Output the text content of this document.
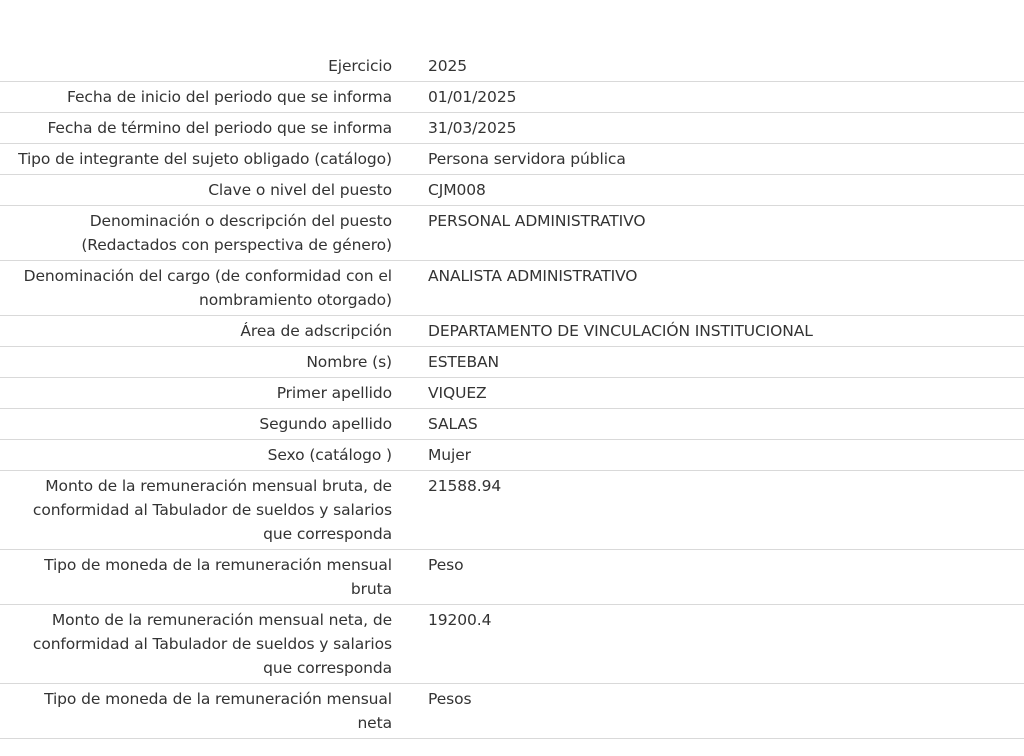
Ejercicio	2025
Fecha de inicio del periodo que se informa	01/01/2025
Fecha de término del periodo que se informa	31/03/2025
Tipo de integrante del sujeto obligado (catálogo)	Persona servidora pública
Clave o nivel del puesto	CJM008
Denominación o descripción del puesto (Redactados con perspectiva de género)	PERSONAL ADMINISTRATIVO
Denominación del cargo (de conformidad con el nombramiento otorgado)	ANALISTA ADMINISTRATIVO
Área de adscripción	DEPARTAMENTO DE VINCULACIÓN INSTITUCIONAL
Nombre (s)	ESTEBAN
Primer apellido	VIQUEZ
Segundo apellido	SALAS
Sexo (catálogo )	Mujer
Monto de la remuneración mensual bruta, de conformidad al Tabulador de sueldos y salarios que corresponda	21588.94
Tipo de moneda de la remuneración mensual bruta	Peso
Monto de la remuneración mensual neta, de conformidad al Tabulador de sueldos y salarios que corresponda	19200.4
Tipo de moneda de la remuneración mensual neta	Pesos
